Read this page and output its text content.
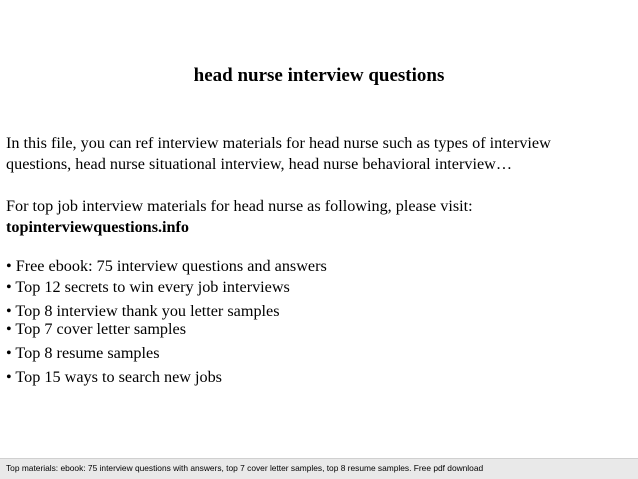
head nurse interview questions

In this file, you can ref interview materials for head nurse such as types of interview
questions, head nurse situational interview, head nurse behavioral interview…

For top job interview materials for head nurse as following, please visit:
topinterviewquestions.info

• Free ebook: 75 interview questions and answers
• Top 12 secrets to win every job interviews
• Top 8 interview thank you letter samples
• Top 7 cover letter samples
• Top 8 resume samples
• Top 15 ways to search new jobs
Top materials: ebook: 75 interview questions with answers, top 7 cover letter samples, top 8 resume samples. Free pdf download
